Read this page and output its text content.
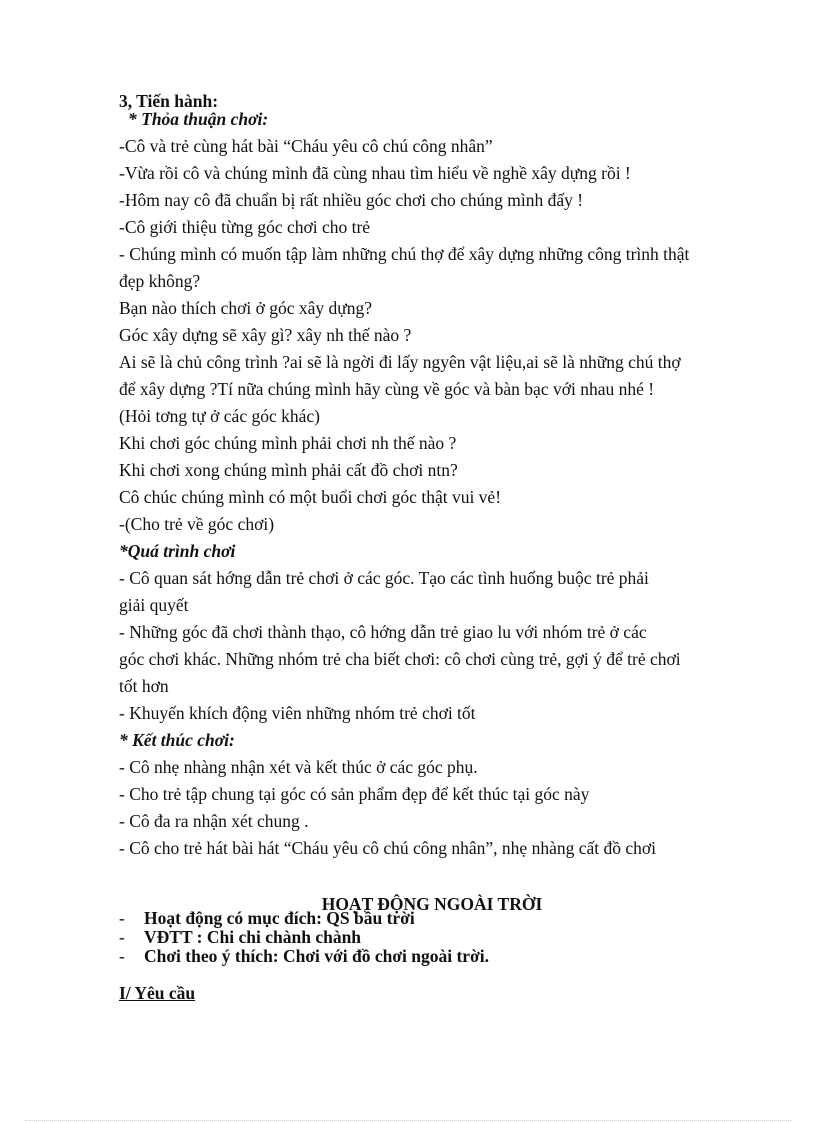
3, Tiến hành:
* Thỏa thuận chơi:
-Cô và trẻ cùng hát bài “Cháu yêu cô chú công nhân”
-Vừa rồi cô và chúng mình đã cùng nhau tìm hiểu về nghề xây dựng rồi !
-Hôm nay cô đã chuẩn bị rất nhiều góc chơi cho chúng mình đấy !
-Cô giới thiệu từng góc chơi cho trẻ
- Chúng mình có muốn tập làm những chú thợ để xây dựng những công trình thật
đẹp không?
Bạn nào thích chơi ở góc xây dựng?
Góc xây dựng sẽ xây gì? xây nh thế nào ?
Ai sẽ là chủ công trình ?ai sẽ là ngời đi lấy ngyên vật liệu,ai sẽ là những chú thợ
để xây dựng ?Tí nữa chúng mình hãy cùng về góc và bàn bạc với nhau nhé !
(Hỏi tơng tự ở các góc khác)
Khi chơi góc chúng mình phải chơi nh thế nào ?
Khi chơi xong chúng mình phải cất đồ chơi ntn?
Cô chúc chúng mình có một buổi chơi góc thật vui vẻ!
-(Cho trẻ về góc chơi)
*Quá trình chơi
- Cô quan sát hớng dẫn trẻ chơi ở các góc. Tạo các tình huống buộc trẻ phải
giải quyết
- Những góc đã chơi thành thạo, cô hớng dẫn trẻ giao lu với nhóm trẻ ở các
góc chơi khác. Những nhóm trẻ cha biết chơi: cô chơi cùng trẻ, gợi ý để trẻ chơi
tốt hơn
- Khuyến khích động viên những nhóm trẻ chơi tốt
* Kết thúc chơi:
- Cô nhẹ nhàng nhận xét và kết thúc ở các góc phụ.
- Cho trẻ tập chung tại góc có sản phẩm đẹp để kết thúc tại góc này
- Cô đa ra nhận xét chung .
- Cô cho trẻ hát bài hát “Cháu yêu cô chú công nhân”, nhẹ nhàng cất đồ chơi
HOẠT ĐỘNG NGOÀI TRỜI
- Hoạt động có mục đích: QS bầu trời
- VĐTT : Chi chi chành chành
- Chơi theo ý thích: Chơi với đồ chơi ngoài trời.
I/ Yêu cầu
